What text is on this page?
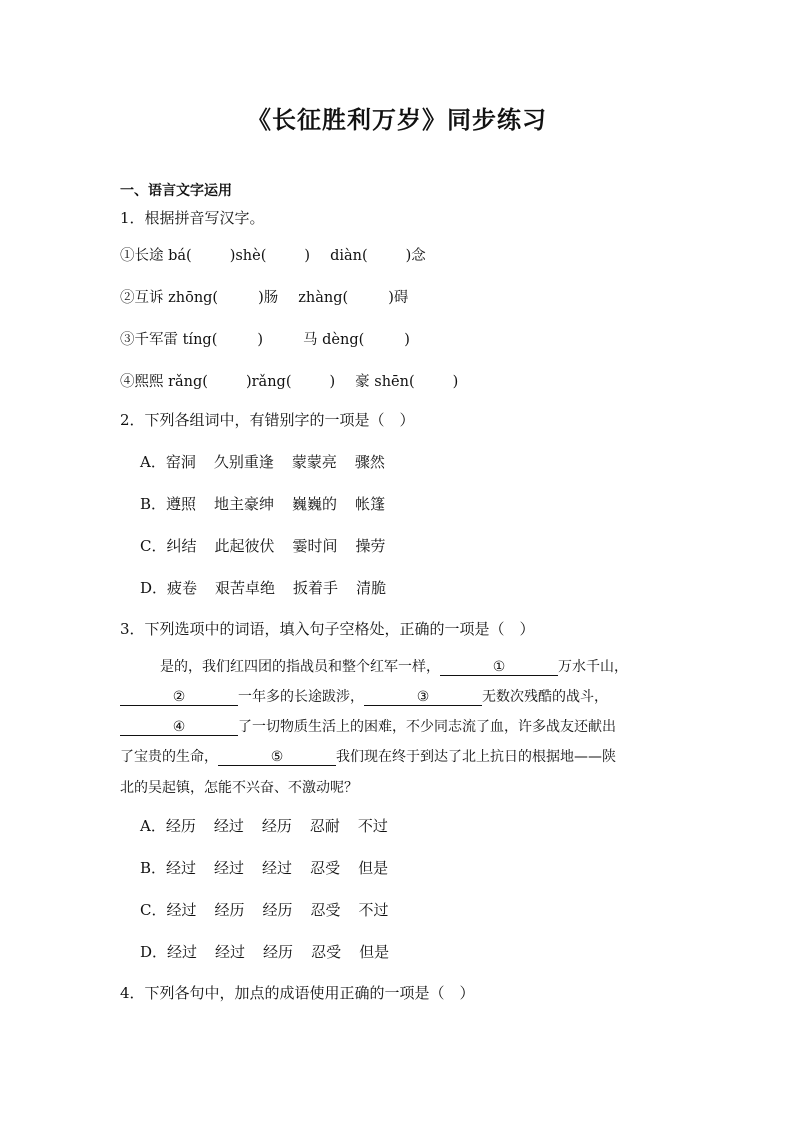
《长征胜利万岁》同步练习
一、语言文字运用
1．根据拼音写汉字。
①长途 bá(	)shè(	) diàn(	)念
②互诉 zhōng(	)肠 zhàng(	)碍
③千军雷 tíng(	)	马 dèng(	)
④熙熙 rǎng(	)rǎng(	) 豪 shēn(	)
2．下列各组词中，有错别字的一项是（　）
A．窑洞 久别重逢 蒙蒙亮 骤然
B．遵照 地主豪绅 巍巍的 帐篷
C．纠结 此起彼伏 霎时间 操劳
D．疲卷 艰苦卓绝 扳着手 清脆
3．下列选项中的词语，填入句子空格处，正确的一项是（　）
是的，我们红四团的指战员和整个红军一样，	①	万水千山，
②	一年多的长途跋涉，	③	无数次残酷的战斗，
④	了一切物质生活上的困难，不少同志流了血，许多战友还献出
了宝贵的生命，	⑤	我们现在终于到达了北上抗日的根据地——陕
北的吴起镇，怎能不兴奋、不激动呢？
A．经历 经过 经历 忍耐 不过
B．经过 经过 经过 忍受 但是
C．经过 经历 经历 忍受 不过
D．经过 经过 经历 忍受 但是
4．下列各句中，加点的成语使用正确的一项是（　）
